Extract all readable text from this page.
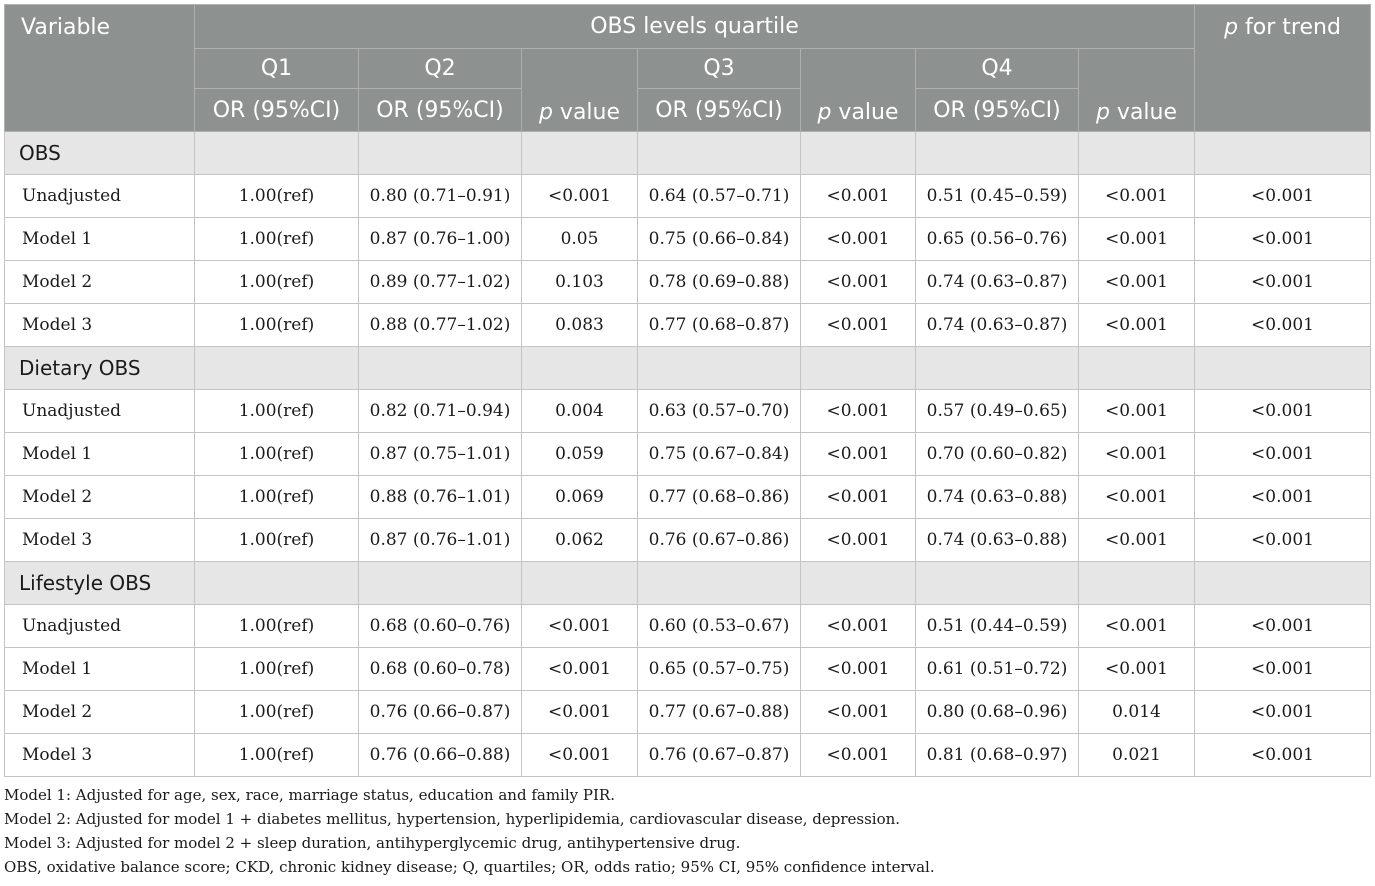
Variable	OBS levels quartile							p for trend
	Q1	Q2	p value	Q3	p value	Q4	p value	
	OR (95%CI)	OR (95%CI)		OR (95%CI)		OR (95%CI)		
OBS								
Unadjusted	1.00(ref)	0.80 (0.71–0.91)	<0.001	0.64 (0.57–0.71)	<0.001	0.51 (0.45–0.59)	<0.001	<0.001
Model 1	1.00(ref)	0.87 (0.76–1.00)	0.05	0.75 (0.66–0.84)	<0.001	0.65 (0.56–0.76)	<0.001	<0.001
Model 2	1.00(ref)	0.89 (0.77–1.02)	0.103	0.78 (0.69–0.88)	<0.001	0.74 (0.63–0.87)	<0.001	<0.001
Model 3	1.00(ref)	0.88 (0.77–1.02)	0.083	0.77 (0.68–0.87)	<0.001	0.74 (0.63–0.87)	<0.001	<0.001
Dietary OBS								
Unadjusted	1.00(ref)	0.82 (0.71–0.94)	0.004	0.63 (0.57–0.70)	<0.001	0.57 (0.49–0.65)	<0.001	<0.001
Model 1	1.00(ref)	0.87 (0.75–1.01)	0.059	0.75 (0.67–0.84)	<0.001	0.70 (0.60–0.82)	<0.001	<0.001
Model 2	1.00(ref)	0.88 (0.76–1.01)	0.069	0.77 (0.68–0.86)	<0.001	0.74 (0.63–0.88)	<0.001	<0.001
Model 3	1.00(ref)	0.87 (0.76–1.01)	0.062	0.76 (0.67–0.86)	<0.001	0.74 (0.63–0.88)	<0.001	<0.001
Lifestyle OBS								
Unadjusted	1.00(ref)	0.68 (0.60–0.76)	<0.001	0.60 (0.53–0.67)	<0.001	0.51 (0.44–0.59)	<0.001	<0.001
Model 1	1.00(ref)	0.68 (0.60–0.78)	<0.001	0.65 (0.57–0.75)	<0.001	0.61 (0.51–0.72)	<0.001	<0.001
Model 2	1.00(ref)	0.76 (0.66–0.87)	<0.001	0.77 (0.67–0.88)	<0.001	0.80 (0.68–0.96)	0.014	<0.001
Model 3	1.00(ref)	0.76 (0.66–0.88)	<0.001	0.76 (0.67–0.87)	<0.001	0.81 (0.68–0.97)	0.021	<0.001
Model 1: Adjusted for age, sex, race, marriage status, education and family PIR.
Model 2: Adjusted for model 1 + diabetes mellitus, hypertension, hyperlipidemia, cardiovascular disease, depression.
Model 3: Adjusted for model 2 + sleep duration, antihyperglycemic drug, antihypertensive drug.
OBS, oxidative balance score; CKD, chronic kidney disease; Q, quartiles; OR, odds ratio; 95% CI, 95% confidence interval.
